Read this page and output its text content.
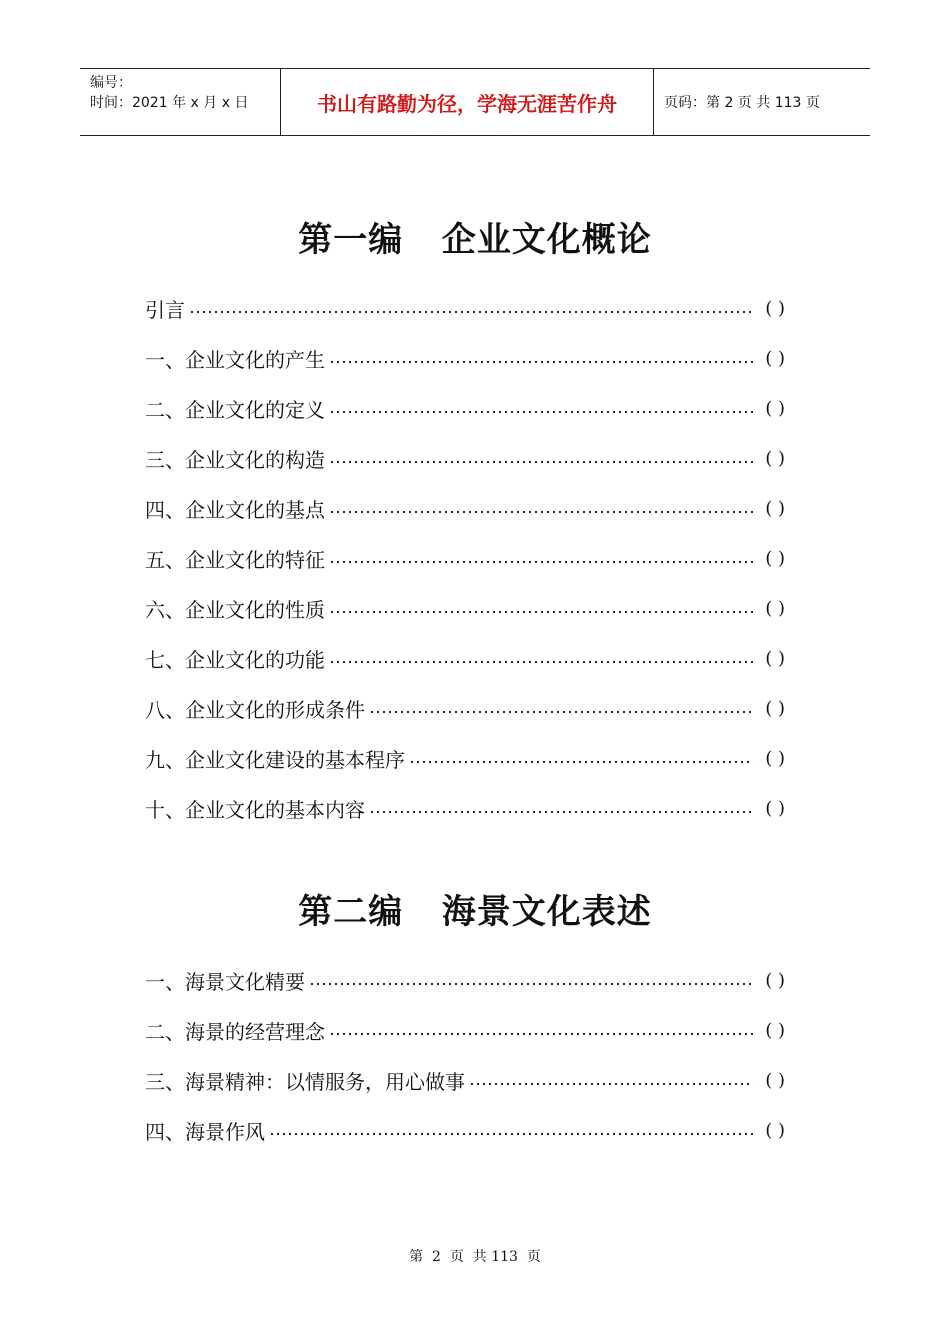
编号：
时间：2021 年 x 月 x 日	书山有路勤为径，学海无涯苦作舟	页码：第 2 页 共 113 页
第一编   企业文化概论
引言	( )
一、企业文化的产生	( )
二、企业文化的定义	( )
三、企业文化的构造	( )
四、企业文化的基点	( )
五、企业文化的特征	( )
六、企业文化的性质	( )
七、企业文化的功能	( )
八、企业文化的形成条件	( )
九、企业文化建设的基本程序	( )
十、企业文化的基本内容	( )
第二编   海景文化表述
一、海景文化精要	( )
二、海景的经营理念	( )
三、海景精神：以情服务，用心做事	( )
四、海景作风	( )
第  2  页  共 113  页
